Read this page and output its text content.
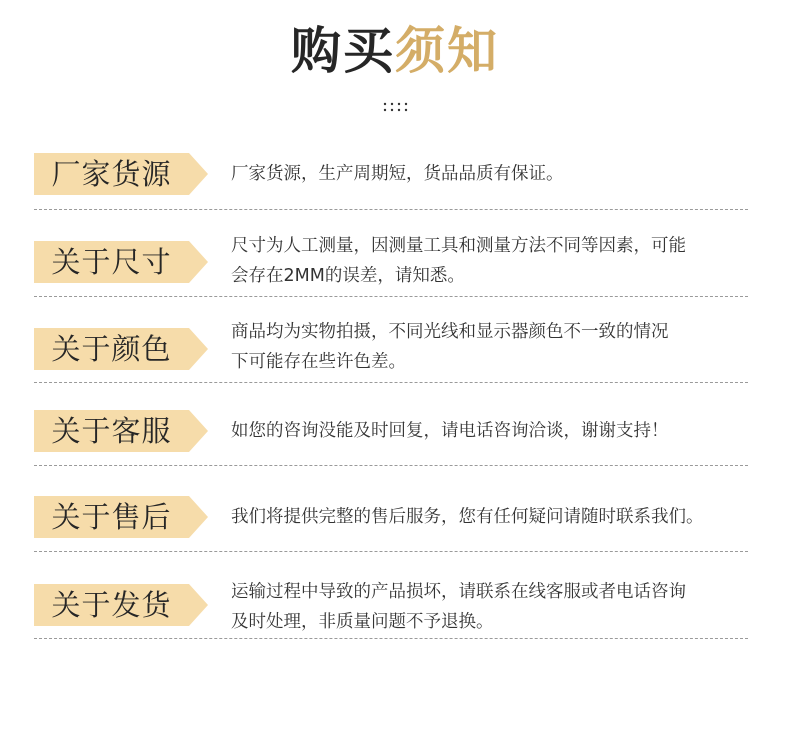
购买须知
厂家货源	厂家货源，生产周期短，货品品质有保证。
关于尺寸	尺寸为人工测量，因测量工具和测量方法不同等因素，可能
会存在2MM的误差，请知悉。
关于颜色	商品均为实物拍摄，不同光线和显示器颜色不一致的情况
下可能存在些许色差。
关于客服	如您的咨询没能及时回复，请电话咨询洽谈，谢谢支持！
关于售后	我们将提供完整的售后服务，您有任何疑问请随时联系我们。
关于发货	运输过程中导致的产品损坏，请联系在线客服或者电话咨询
及时处理，非质量问题不予退换。
